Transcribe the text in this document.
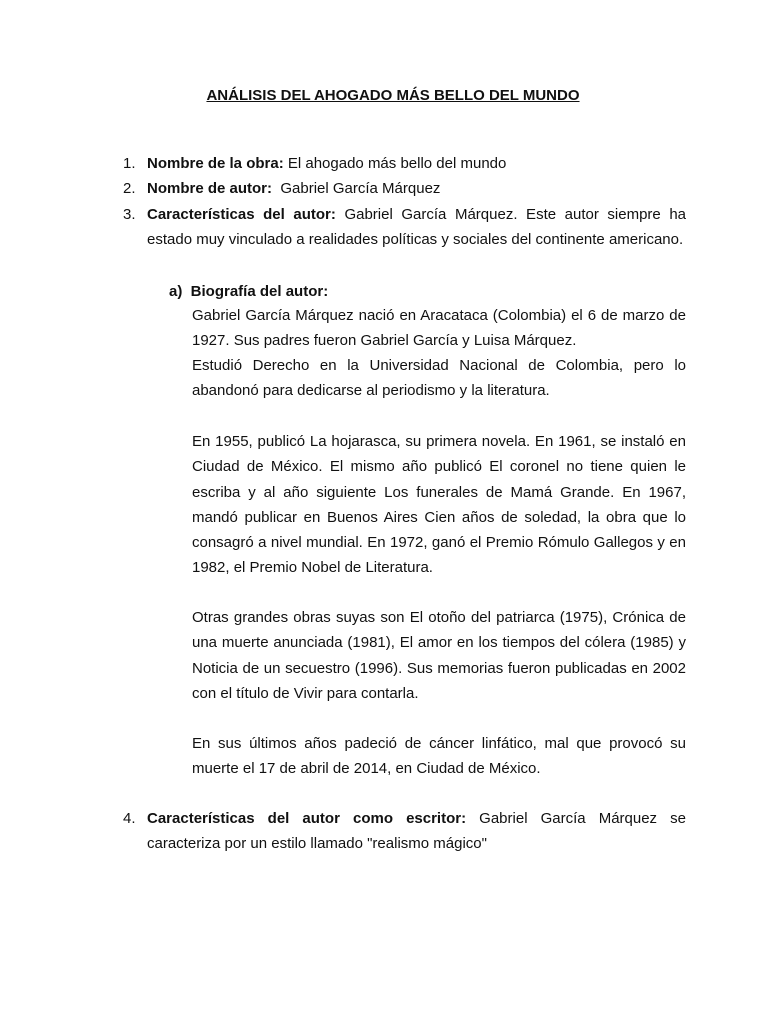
ANÁLISIS DEL AHOGADO MÁS BELLO DEL MUNDO
1. Nombre de la obra: El ahogado más bello del mundo
2. Nombre de autor:  Gabriel García Márquez
3. Características del autor: Gabriel García Márquez. Este autor siempre ha estado muy vinculado a realidades políticas y sociales del continente americano.
a)  Biografía del autor:
Gabriel García Márquez nació en Aracataca (Colombia) el 6 de marzo de 1927. Sus padres fueron Gabriel García y Luisa Márquez.
Estudió Derecho en la Universidad Nacional de Colombia, pero lo abandonó para dedicarse al periodismo y la literatura.
En 1955, publicó La hojarasca, su primera novela. En 1961, se instaló en Ciudad de México. El mismo año publicó El coronel no tiene quien le escriba y al año siguiente Los funerales de Mamá Grande. En 1967, mandó publicar en Buenos Aires Cien años de soledad, la obra que lo consagró a nivel mundial. En 1972, ganó el Premio Rómulo Gallegos y en 1982, el Premio Nobel de Literatura.
Otras grandes obras suyas son El otoño del patriarca (1975), Crónica de una muerte anunciada (1981), El amor en los tiempos del cólera (1985) y Noticia de un secuestro (1996). Sus memorias fueron publicadas en 2002 con el título de Vivir para contarla.
En sus últimos años padeció de cáncer linfático, mal que provocó su muerte el 17 de abril de 2014, en Ciudad de México.
4. Características del autor como escritor: Gabriel García Márquez se caracteriza por un estilo llamado "realismo mágico"
